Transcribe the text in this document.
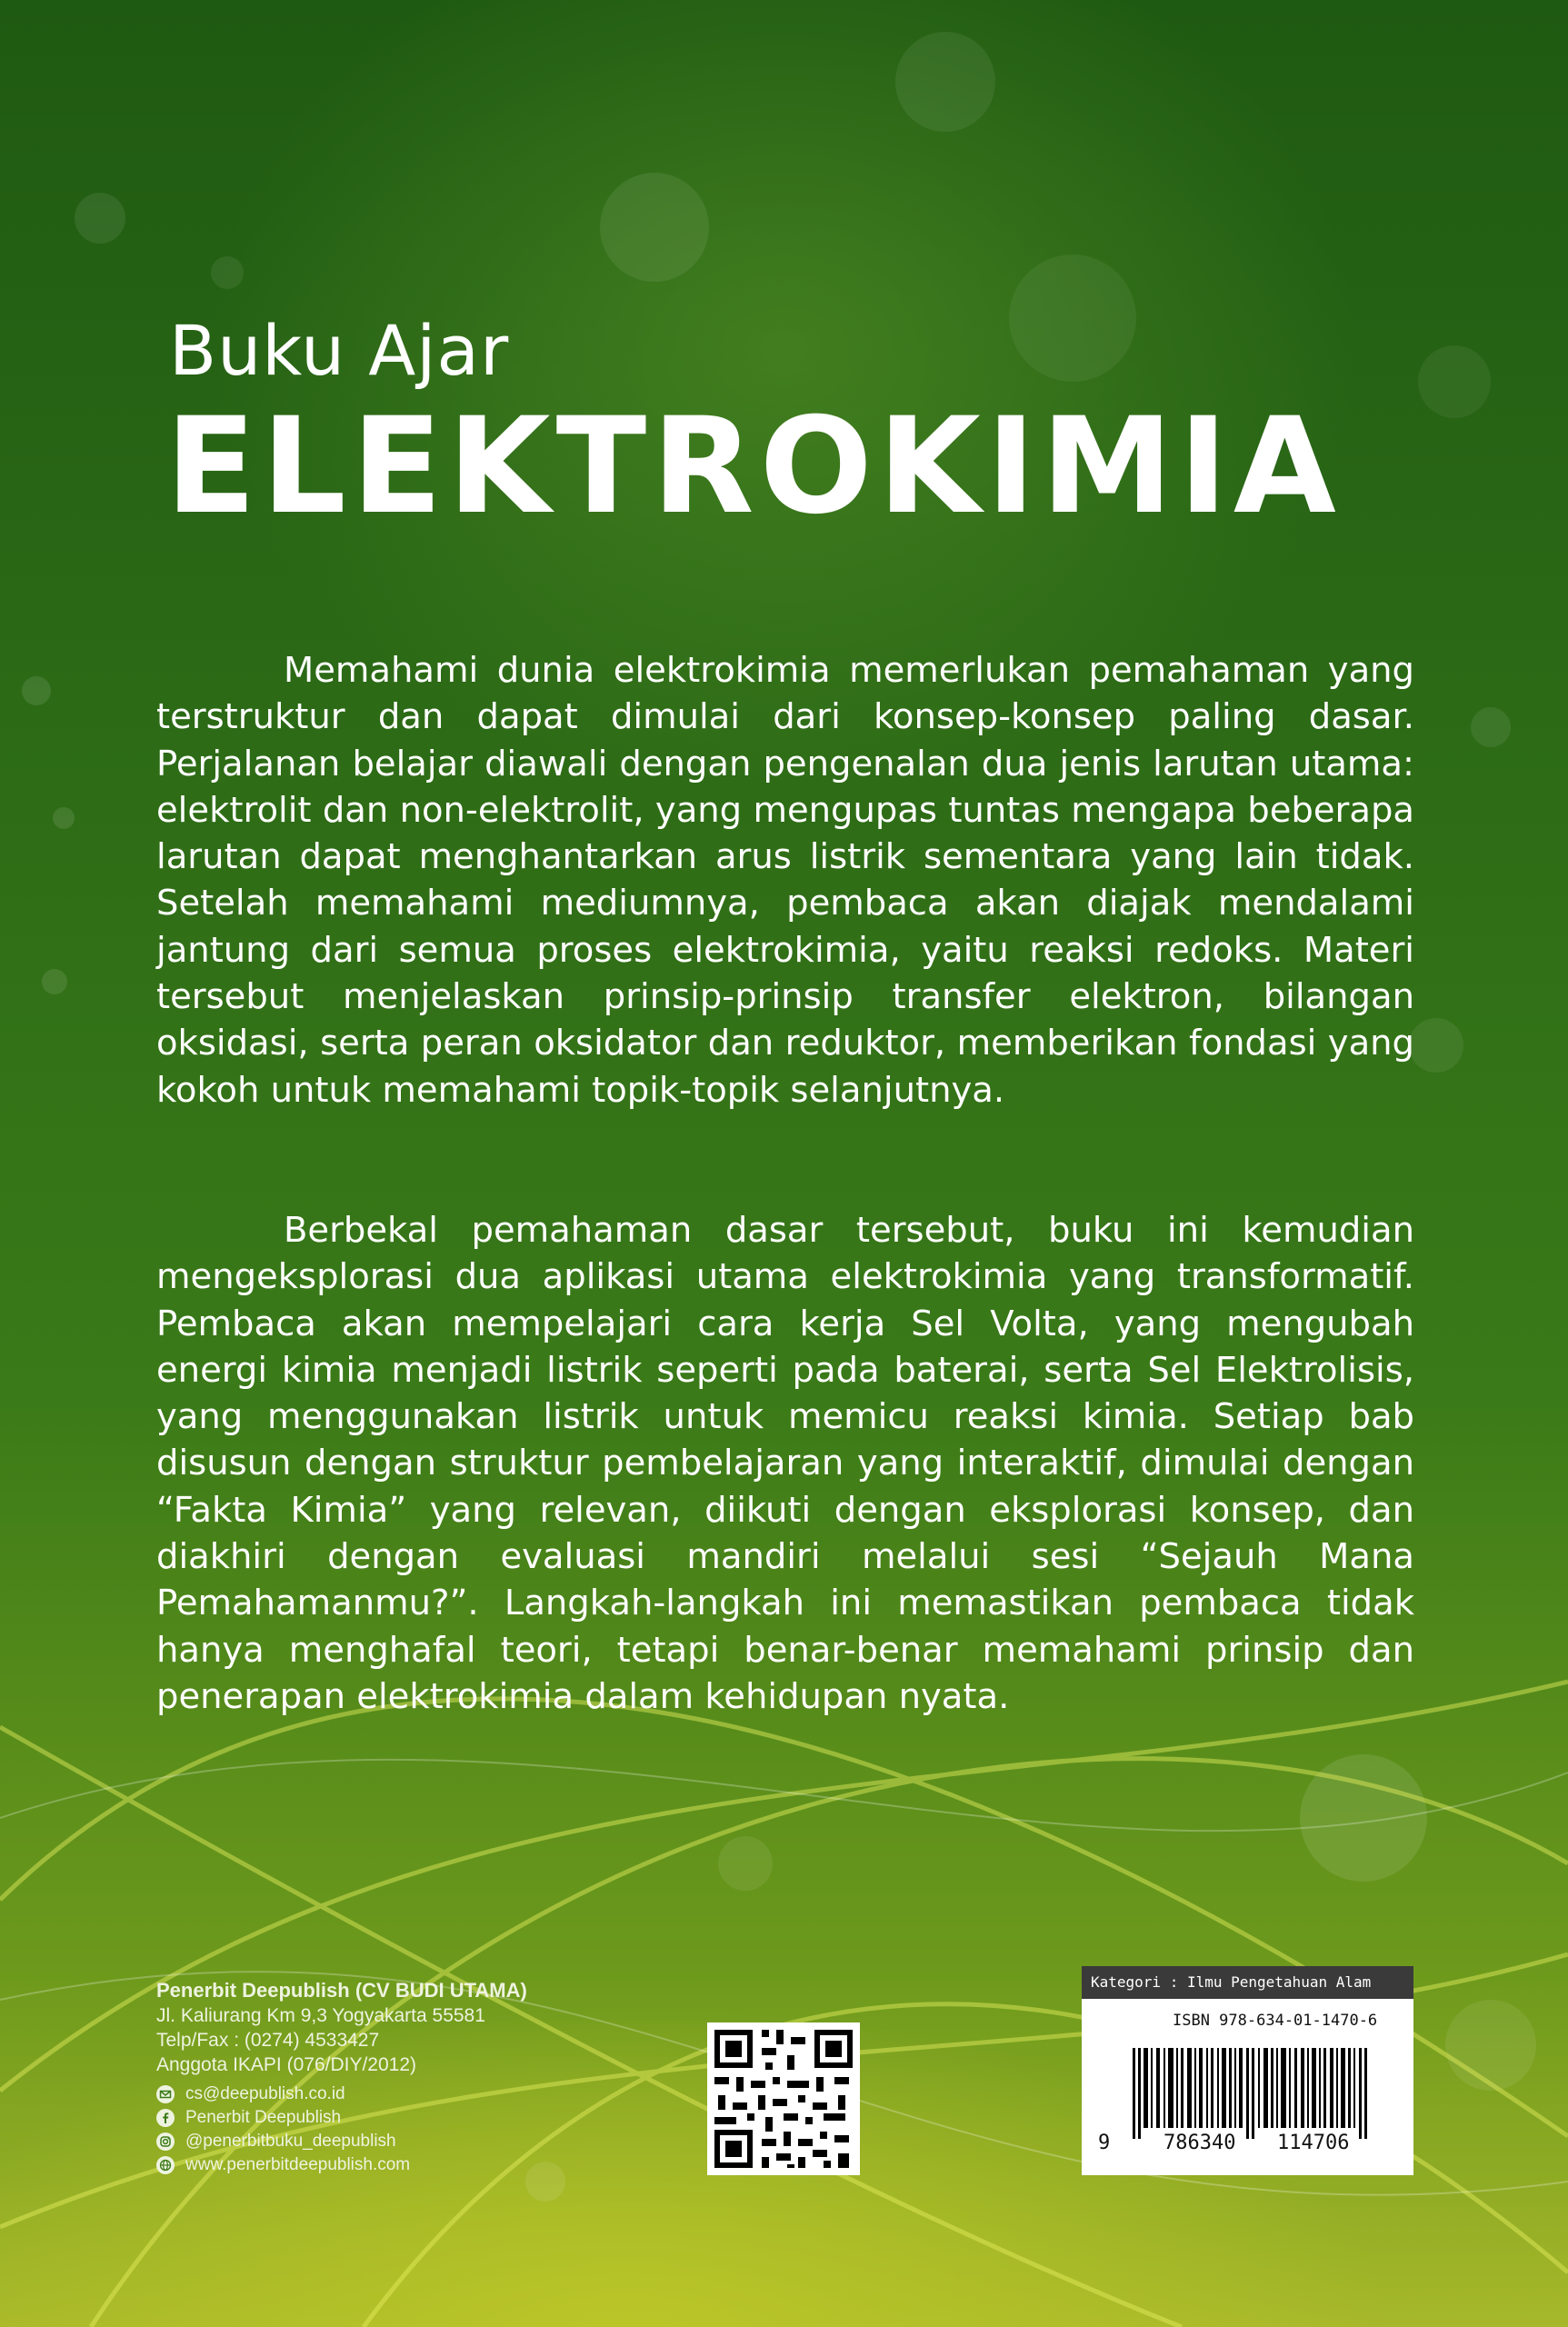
Buku Ajar
ELEKTROKIMIA

Memahami dunia elektrokimia memerlukan pemahaman yang terstruktur dan dapat dimulai dari konsep-konsep paling dasar. Perjalanan belajar diawali dengan pengenalan dua jenis larutan utama: elektrolit dan non-elektrolit, yang mengupas tuntas mengapa beberapa larutan dapat menghantarkan arus listrik sementara yang lain tidak. Setelah memahami mediumnya, pembaca akan diajak mendalami jantung dari semua proses elektrokimia, yaitu reaksi redoks. Materi tersebut menjelaskan prinsip-prinsip transfer elektron, bilangan oksidasi, serta peran oksidator dan reduktor, memberikan fondasi yang kokoh untuk memahami topik-topik selanjutnya.

Berbekal pemahaman dasar tersebut, buku ini kemudian mengeksplorasi dua aplikasi utama elektrokimia yang transformatif. Pembaca akan mempelajari cara kerja Sel Volta, yang mengubah energi kimia menjadi listrik seperti pada baterai, serta Sel Elektrolisis, yang menggunakan listrik untuk memicu reaksi kimia. Setiap bab disusun dengan struktur pembelajaran yang interaktif, dimulai dengan “Fakta Kimia” yang relevan, diikuti dengan eksplorasi konsep, dan diakhiri dengan evaluasi mandiri melalui sesi “Sejauh Mana Pemahamanmu?”. Langkah-langkah ini memastikan pembaca tidak hanya menghafal teori, tetapi benar-benar memahami prinsip dan penerapan elektrokimia dalam kehidupan nyata.

Penerbit Deepublish (CV BUDI UTAMA)

Jl. Kaliurang Km 9,3 Yogyakarta 55581

Telp/Fax : (0274) 4533427

Anggota IKAPI (076/DIY/2012)

cs@deepublish.co.id
Penerbit Deepublish
@penerbitbuku_deepublish
www.penerbitdeepublish.com
Kategori : Ilmu Pengetahuan Alam
ISBN 978-634-01-1470-6
9	786340 114706
